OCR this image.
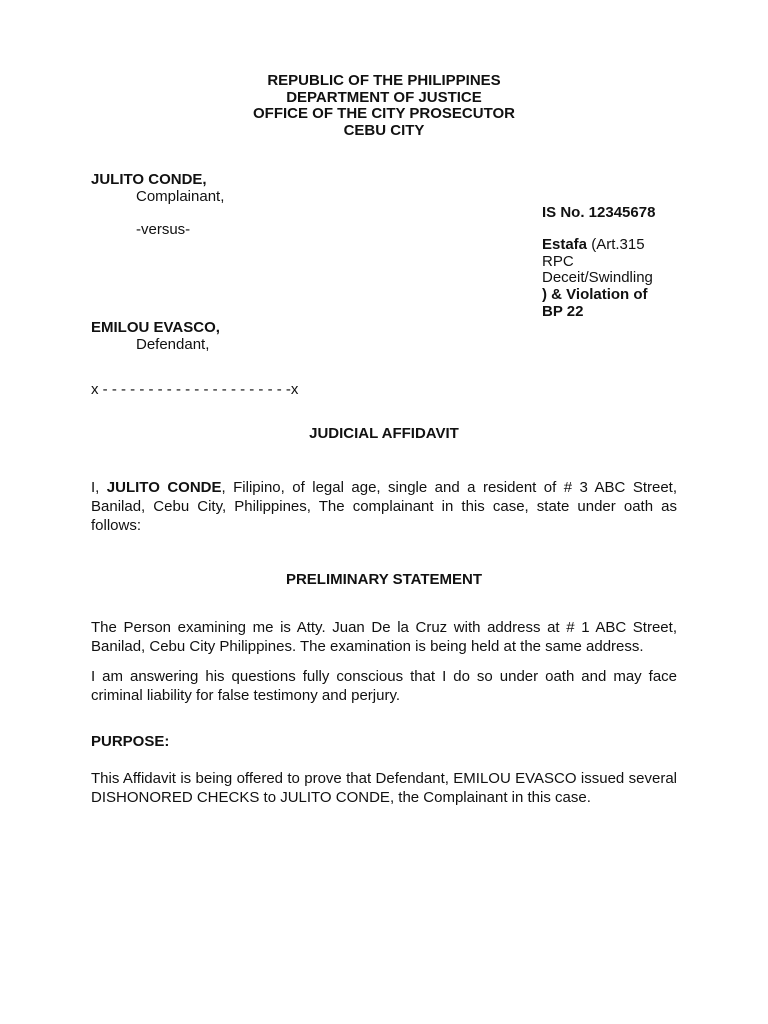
REPUBLIC OF THE PHILIPPINES
DEPARTMENT OF JUSTICE
OFFICE OF THE CITY PROSECUTOR
CEBU CITY
JULITO CONDE,
Complainant,
-versus-
EMILOU EVASCO,
Defendant,
x - - - - - - - - - - - - - - - - - - - - -x
IS No. 12345678
Estafa (Art.315
RPC
Deceit/Swindling
) & Violation of
BP 22
JUDICIAL AFFIDAVIT
I, JULITO CONDE, Filipino, of legal age, single and a resident of # 3 ABC Street, Banilad, Cebu City, Philippines, The complainant in this case, state under oath as follows:
PRELIMINARY STATEMENT
The Person examining me is Atty. Juan De la Cruz with address at # 1 ABC Street, Banilad, Cebu City Philippines. The examination is being held at the same address.
I am answering his questions fully conscious that I do so under oath and may face criminal liability for false testimony and perjury.
PURPOSE:
This Affidavit is being offered to prove that Defendant, EMILOU EVASCO issued several DISHONORED CHECKS to JULITO CONDE, the Complainant in this case.
